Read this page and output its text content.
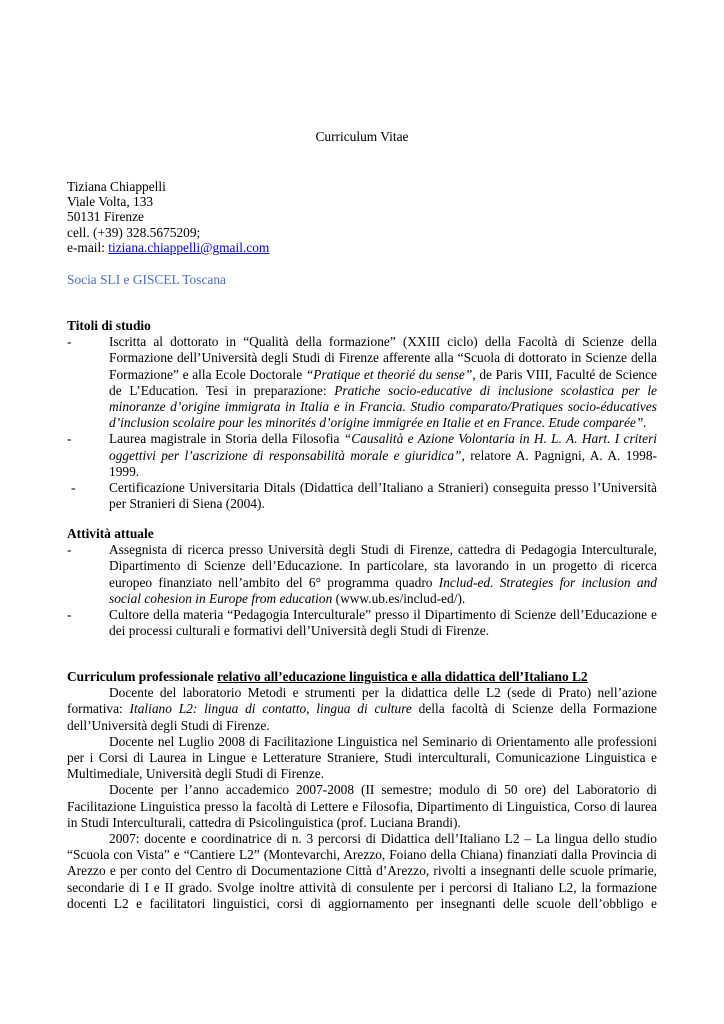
Curriculum Vitae
Tiziana Chiappelli
Viale Volta, 133
50131 Firenze
cell. (+39) 328.5675209;
e-mail: tiziana.chiappelli@gmail.com
Socia SLI e GISCEL Toscana
Titoli di studio
-	Iscritta al dottorato in “Qualità della formazione” (XXIII ciclo) della Facoltà di Scienze della Formazione dell’Università degli Studi di Firenze afferente alla “Scuola di dottorato in Scienze della Formazione” e alla Ecole Doctorale “Pratique et theorié du sense”, de Paris VIII, Faculté de Science de L’Education. Tesi in preparazione: Pratiche socio-educative di inclusione scolastica per le minoranze d’origine immigrata in Italia e in Francia. Studio comparato/Pratiques socio-éducatives d’inclusion scolaire pour les minorités d’origine immigrée en Italie et en France. Etude comparée”.
-	Laurea magistrale in Storia della Filosofia “Causalità e Azione Volontaria in H. L. A. Hart. I criteri oggettivi per l’ascrizione di responsabilità morale e giuridica”, relatore A. Pagnigni, A. A. 1998-1999.
-	Certificazione Universitaria Ditals (Didattica dell’Italiano a Stranieri) conseguita presso l’Università per Stranieri di Siena (2004).
Attività attuale
-	Assegnista di ricerca presso Università degli Studi di Firenze, cattedra di Pedagogia Interculturale, Dipartimento di Scienze dell’Educazione. In particolare, sta lavorando in un progetto di ricerca europeo finanziato nell’ambito del 6° programma quadro Includ-ed. Strategies for inclusion and social cohesion in Europe from education (www.ub.es/includ-ed/).
-	Cultore della materia “Pedagogia Interculturale” presso il Dipartimento di Scienze dell’Educazione e dei processi culturali e formativi dell’Università degli Studi di Firenze.
Curriculum professionale relativo all’educazione linguistica e alla didattica dell’Italiano L2
Docente del laboratorio Metodi e strumenti per la didattica delle L2 (sede di Prato) nell’azione formativa: Italiano L2: lingua di contatto, lingua di culture della facoltà di Scienze della Formazione dell’Università degli Studi di Firenze.
Docente nel Luglio 2008 di Facilitazione Linguistica nel Seminario di Orientamento alle professioni per i Corsi di Laurea in Lingue e Letterature Straniere, Studi interculturali, Comunicazione Linguistica e Multimediale, Università degli Studi di Firenze.
Docente per l’anno accademico 2007-2008 (II semestre; modulo di 50 ore) del Laboratorio di Facilitazione Linguistica presso la facoltà di Lettere e Filosofia, Dipartimento di Linguistica, Corso di laurea in Studi Interculturali, cattedra di Psicolinguistica (prof. Luciana Brandi).
2007: docente e coordinatrice di n. 3 percorsi di Didattica dell’Italiano L2 – La lingua dello studio “Scuola con Vista” e “Cantiere L2” (Montevarchi, Arezzo, Foiano della Chiana) finanziati dalla Provincia di Arezzo e per conto del Centro di Documentazione Città d’Arezzo, rivolti a insegnanti delle scuole primarie, secondarie di I e II grado. Svolge inoltre attività di consulente per i percorsi di Italiano L2, la formazione docenti L2 e facilitatori linguistici, corsi di aggiornamento per insegnanti delle scuole dell’obbligo e
